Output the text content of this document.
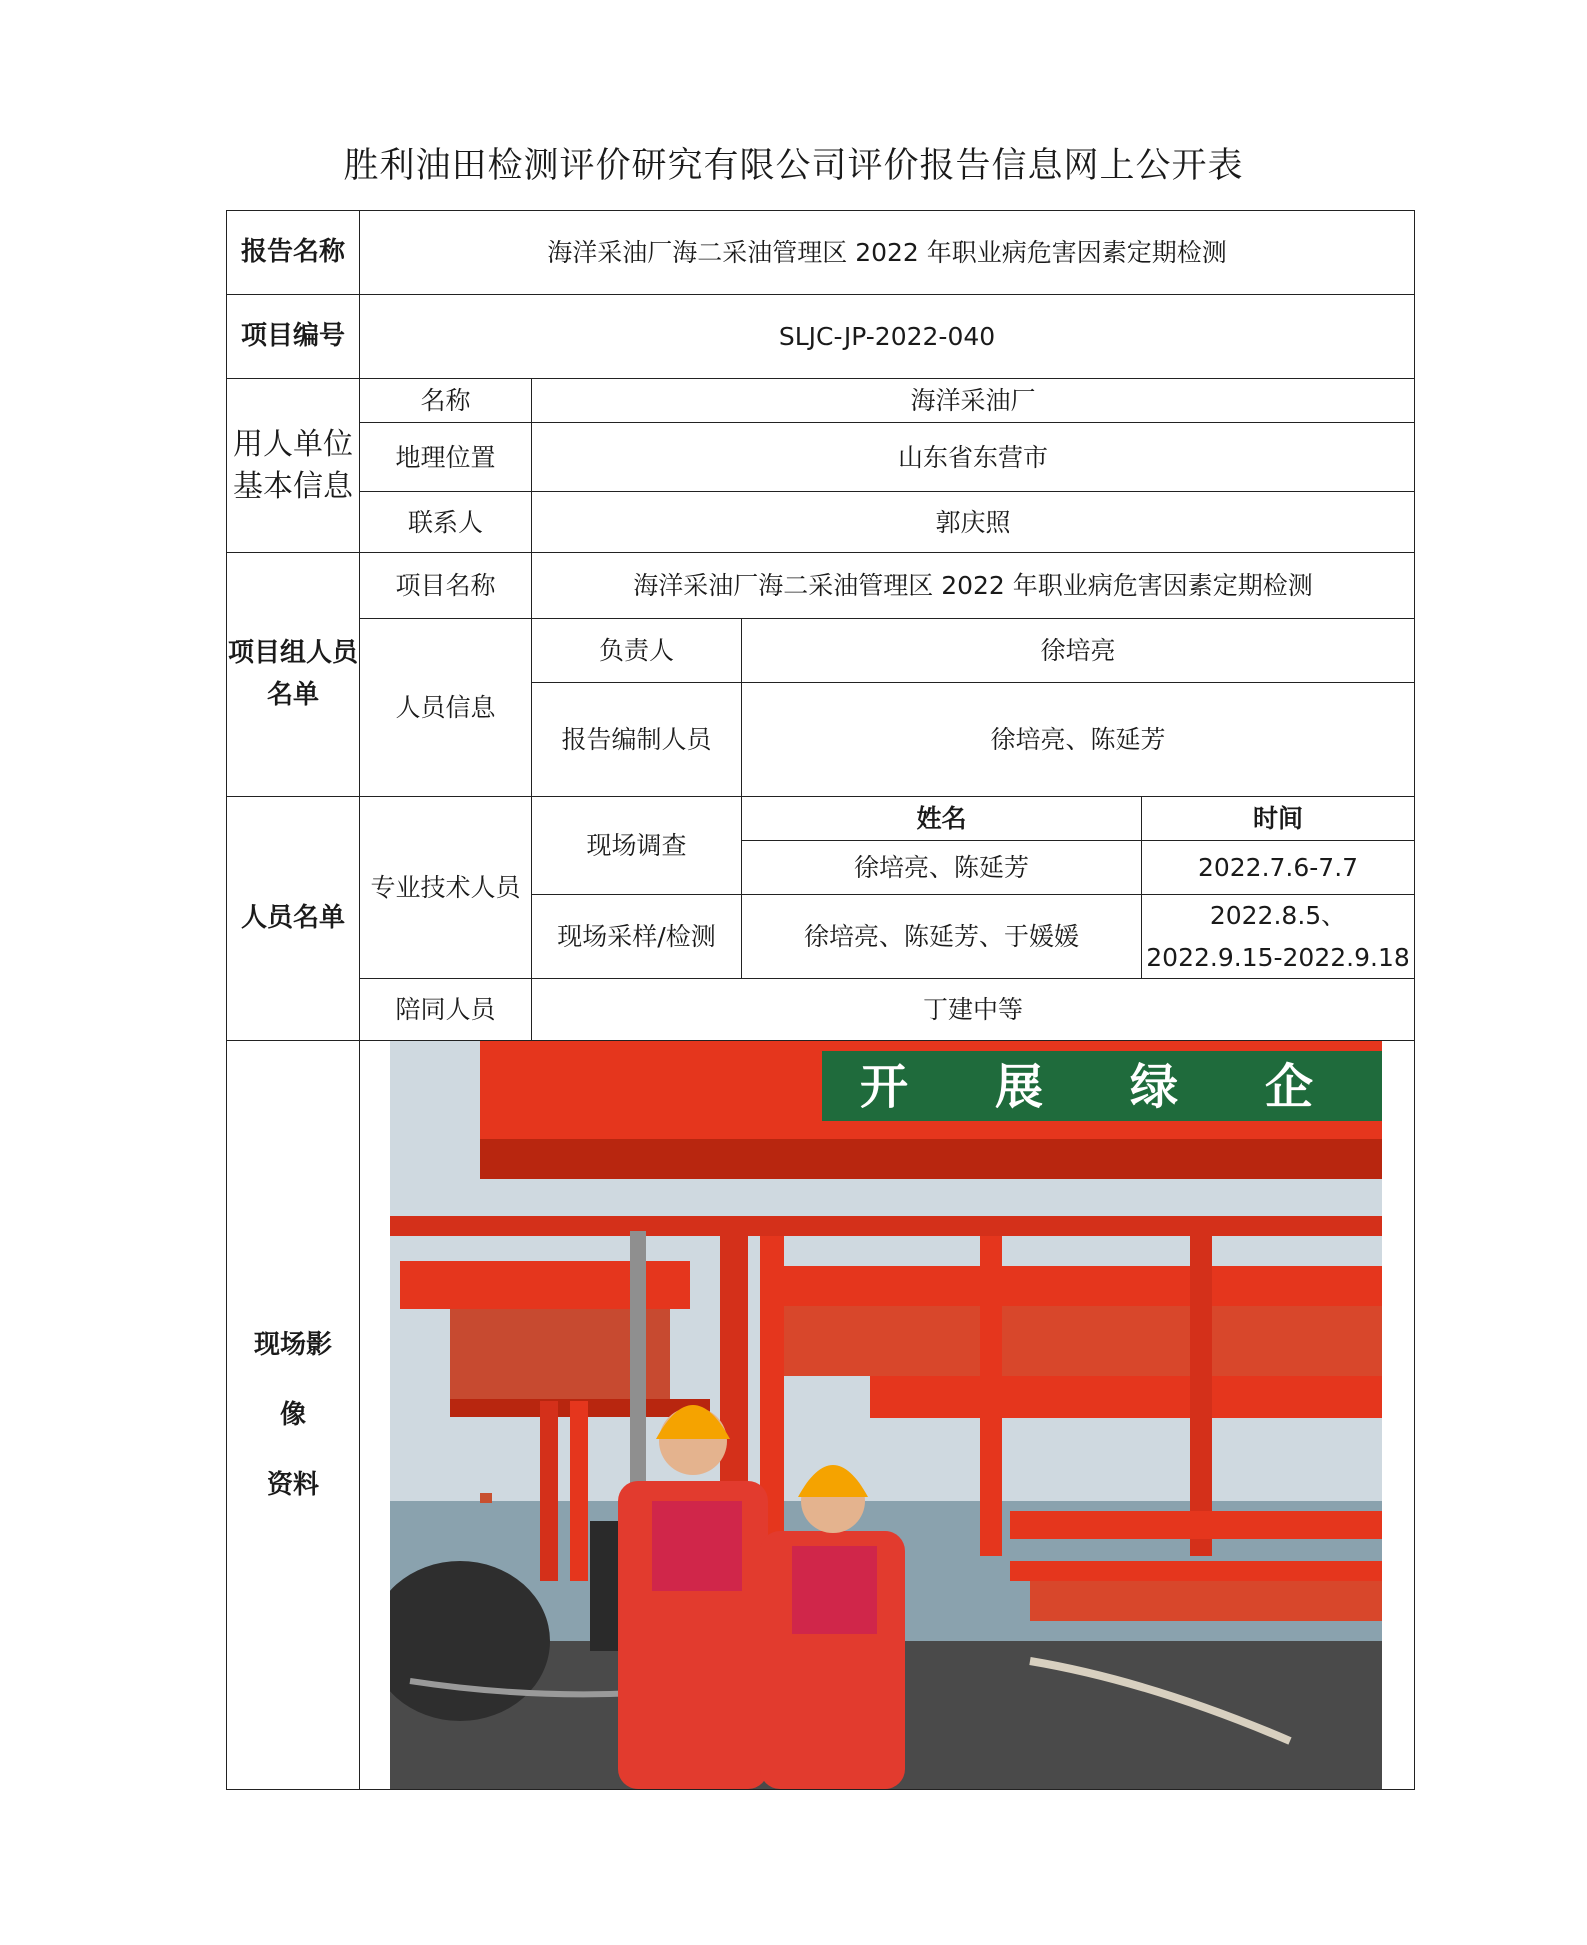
胜利油田检测评价研究有限公司评价报告信息网上公开表
报告名称	海洋采油厂海二采油管理区 2022 年职业病危害因素定期检测			
项目编号	SLJC-JP-2022-040			
用人单位基本信息	名称	海洋采油厂		
	地理位置	山东省东营市		
	联系人	郭庆照		
项目组人员名单	项目名称	海洋采油厂海二采油管理区 2022 年职业病危害因素定期检测		
	人员信息	负责人	徐培亮	
		报告编制人员	徐培亮、陈延芳	
人员名单	专业技术人员	现场调查	姓名	时间
			徐培亮、陈延芳	2022.7.6-7.7
		现场采样/检测	徐培亮、陈延芳、于媛媛	2022.8.5、
				2022.9.15-2022.9.18
	陪同人员	丁建中等		

现场影
像
资料	开 展 绿 企			
